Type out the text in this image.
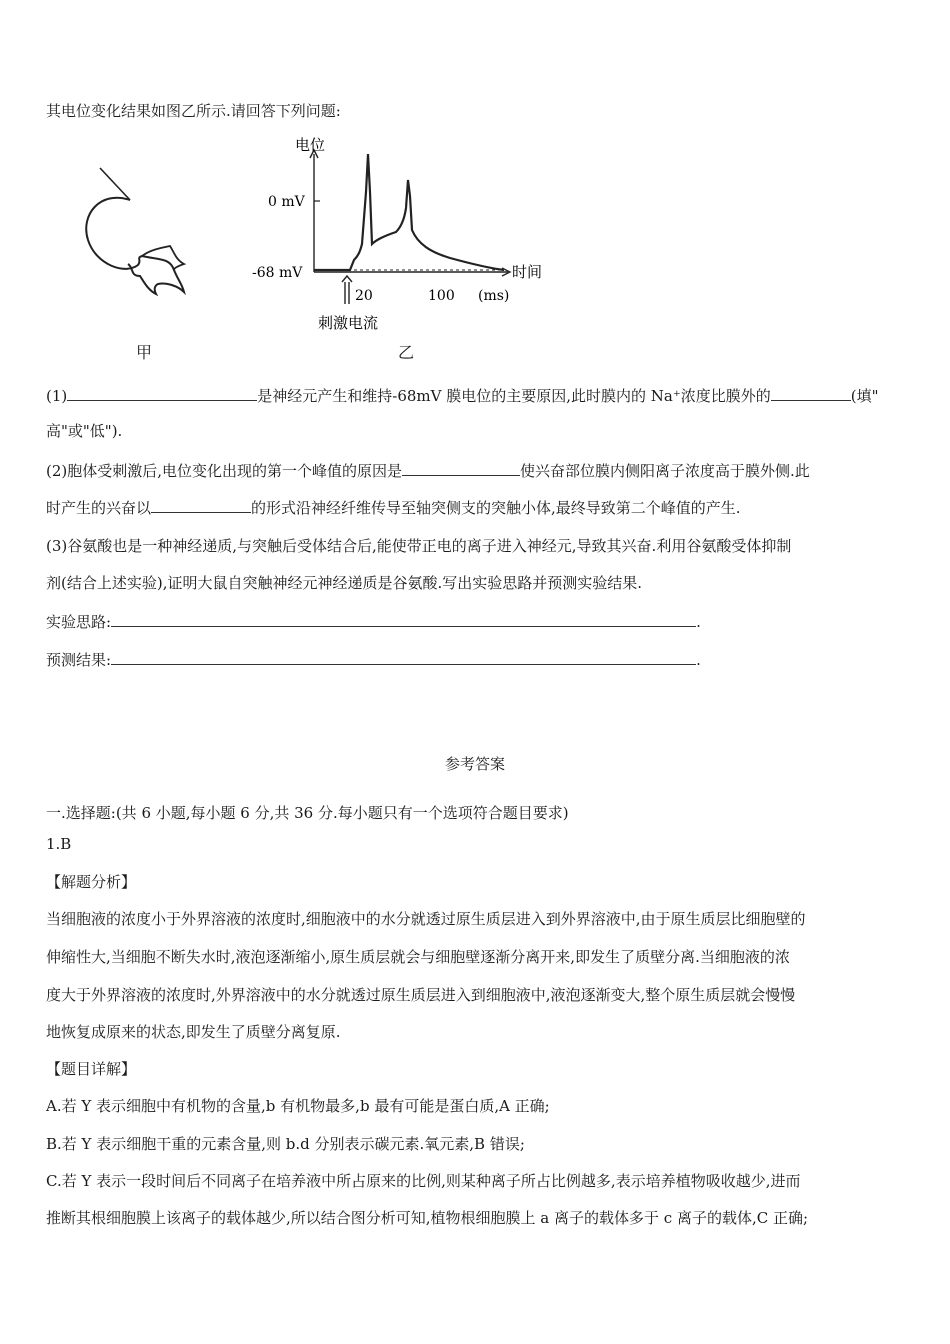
其电位变化结果如图乙所示.请回答下列问题:
甲
电位
0 mV
-68 mV	时间
20	100 (ms)
刺激电流
乙
(1)	是神经元产生和维持-68mV 膜电位的主要原因,此时膜内的 Na⁺浓度比膜外的	(填"
高"或"低").
(2)胞体受刺激后,电位变化出现的第一个峰值的原因是	使兴奋部位膜内侧阳离子浓度高于膜外侧.此
时产生的兴奋以	的形式沿神经纤维传导至轴突侧支的突触小体,最终导致第二个峰值的产生.
(3)谷氨酸也是一种神经递质,与突触后受体结合后,能使带正电的离子进入神经元,导致其兴奋.利用谷氨酸受体抑制
剂(结合上述实验),证明大鼠自突触神经元神经递质是谷氨酸.写出实验思路并预测实验结果.
实验思路:	.
预测结果:	.
参考答案
一.选择题:(共 6 小题,每小题 6 分,共 36 分.每小题只有一个选项符合题目要求)
1.B
【解题分析】
当细胞液的浓度小于外界溶液的浓度时,细胞液中的水分就透过原生质层进入到外界溶液中,由于原生质层比细胞壁的
伸缩性大,当细胞不断失水时,液泡逐渐缩小,原生质层就会与细胞壁逐渐分离开来,即发生了质壁分离.当细胞液的浓
度大于外界溶液的浓度时,外界溶液中的水分就透过原生质层进入到细胞液中,液泡逐渐变大,整个原生质层就会慢慢
地恢复成原来的状态,即发生了质壁分离复原.
【题目详解】
A.若 Y 表示细胞中有机物的含量,b 有机物最多,b 最有可能是蛋白质,A 正确;
B.若 Y 表示细胞干重的元素含量,则 b.d 分别表示碳元素.氧元素,B 错误;
C.若 Y 表示一段时间后不同离子在培养液中所占原来的比例,则某种离子所占比例越多,表示培养植物吸收越少,进而
推断其根细胞膜上该离子的载体越少,所以结合图分析可知,植物根细胞膜上 a 离子的载体多于 c 离子的载体,C 正确;
